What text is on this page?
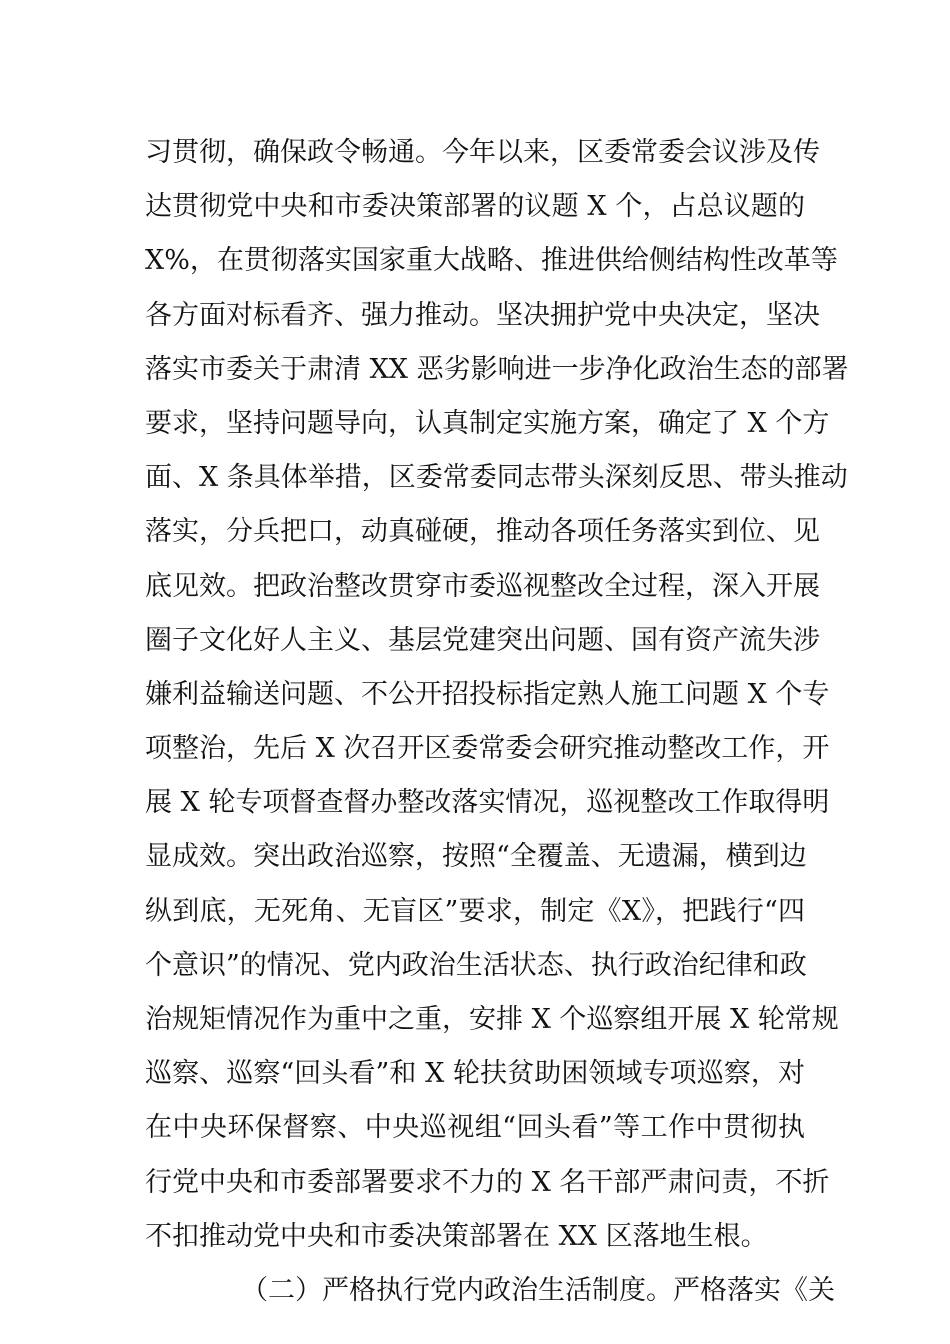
习贯彻，确保政令畅通。今年以来，区委常委会议涉及传
达贯彻党中央和市委决策部署的议题 X 个，占总议题的
X%，在贯彻落实国家重大战略、推进供给侧结构性改革等
各方面对标看齐、强力推动。坚决拥护党中央决定，坚决
落实市委关于肃清 XX 恶劣影响进一步净化政治生态的部署
要求，坚持问题导向，认真制定实施方案，确定了 X 个方
面、X 条具体举措，区委常委同志带头深刻反思、带头推动
落实，分兵把口，动真碰硬，推动各项任务落实到位、见
底见效。把政治整改贯穿市委巡视整改全过程，深入开展
圈子文化好人主义、基层党建突出问题、国有资产流失涉
嫌利益输送问题、不公开招投标指定熟人施工问题 X 个专
项整治，先后 X 次召开区委常委会研究推动整改工作，开
展 X 轮专项督查督办整改落实情况，巡视整改工作取得明
显成效。突出政治巡察，按照“全覆盖、无遗漏，横到边
纵到底，无死角、无盲区”要求，制定《X》，把践行“四
个意识”的情况、党内政治生活状态、执行政治纪律和政
治规矩情况作为重中之重，安排 X 个巡察组开展 X 轮常规
巡察、巡察“回头看”和 X 轮扶贫助困领域专项巡察，对
在中央环保督察、中央巡视组“回头看”等工作中贯彻执
行党中央和市委部署要求不力的 X 名干部严肃问责，不折
不扣推动党中央和市委决策部署在 XX 区落地生根。
（二）严格执行党内政治生活制度。严格落实《关
